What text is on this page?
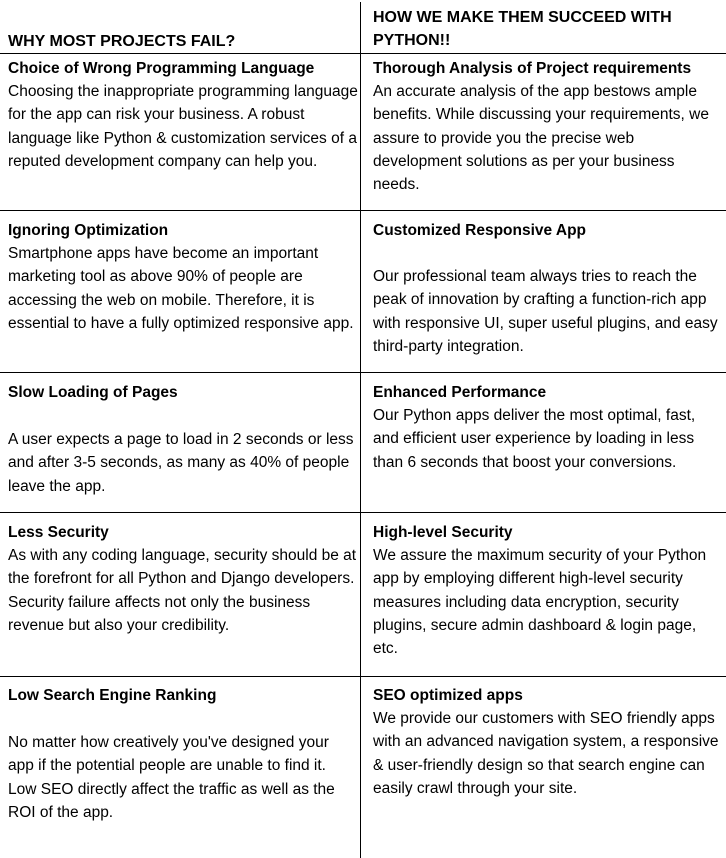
WHY MOST PROJECTS FAIL?
HOW WE MAKE THEM SUCCEED WITH PYTHON!!
Choice of Wrong Programming Language
Choosing the inappropriate programming language for the app can risk your business. A robust language like Python & customization services of a reputed development company can help you.
Thorough Analysis of Project requirements
An accurate analysis of the app bestows ample benefits. While discussing your requirements, we assure to provide you the precise web development solutions as per your business needs.
Ignoring Optimization
Smartphone apps have become an important marketing tool as above 90% of people are accessing the web on mobile. Therefore, it is essential to have a fully optimized responsive app.
Customized Responsive App
Our professional team always tries to reach the peak of innovation by crafting a function-rich app with responsive UI, super useful plugins, and easy third-party integration.
Slow Loading of Pages
A user expects a page to load in 2 seconds or less and after 3-5 seconds, as many as 40% of people leave the app.
Enhanced Performance
Our Python apps deliver the most optimal, fast, and efficient user experience by loading in less than 6 seconds that boost your conversions.
Less Security
As with any coding language, security should be at the forefront for all Python and Django developers. Security failure affects not only the business revenue but also your credibility.
High-level Security
We assure the maximum security of your Python app by employing different high-level security measures including data encryption, security plugins, secure admin dashboard & login page, etc.
Low Search Engine Ranking
No matter how creatively you've designed your app if the potential people are unable to find it. Low SEO directly affect the traffic as well as the ROI of the app.
SEO optimized apps
We provide our customers with SEO friendly apps with an advanced navigation system, a responsive & user-friendly design so that search engine can easily crawl through your site.
